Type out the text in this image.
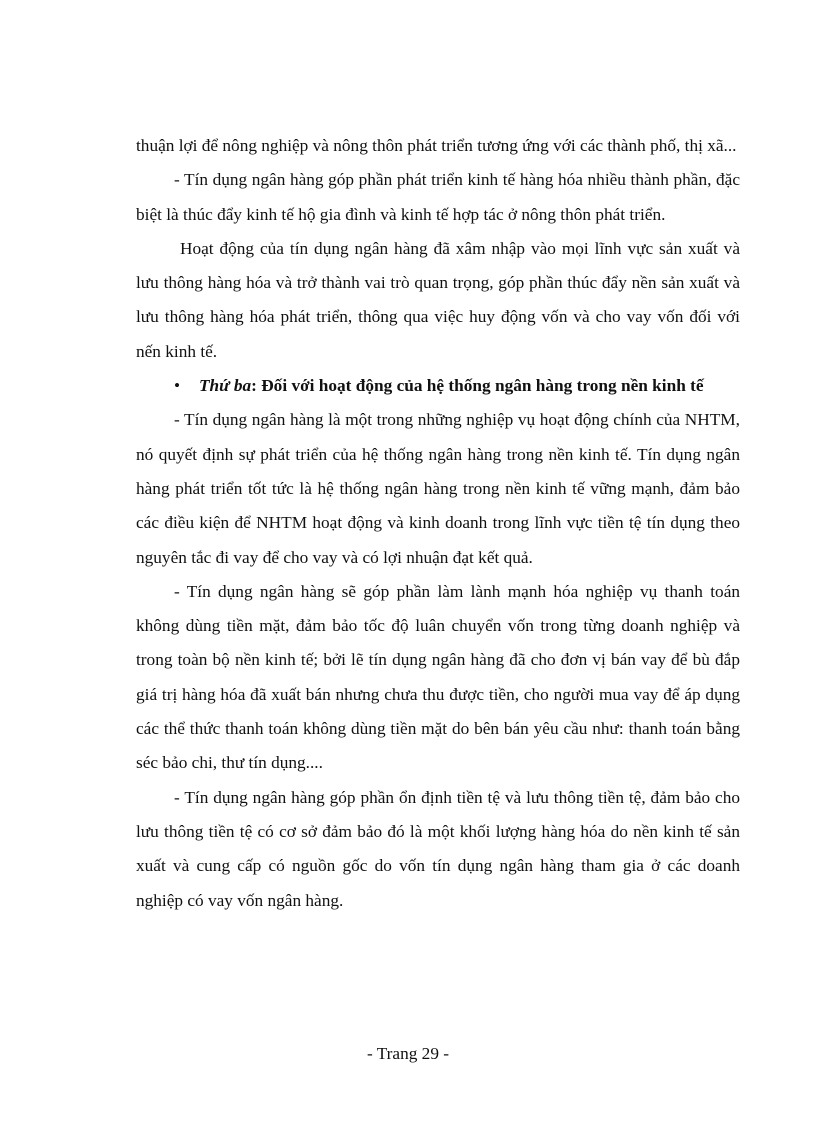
thuận lợi để nông nghiệp và nông thôn phát triển tương ứng với các thành phố, thị xã...

- Tín dụng ngân hàng góp phần phát triển kinh tế hàng hóa nhiều thành phần, đặc biệt là thúc đẩy kinh tế hộ gia đình và kinh tế hợp tác ở nông thôn phát triển.

Hoạt động của tín dụng ngân hàng đã xâm nhập vào mọi lĩnh vực sản xuất và lưu thông hàng hóa và trở thành vai trò quan trọng, góp phần thúc đẩy nền sản xuất và lưu thông hàng hóa phát triển, thông qua việc huy động vốn và cho vay vốn đối với nến kinh tế.

• Thứ ba: Đối với hoạt động của hệ thống ngân hàng trong nền kinh tế

- Tín dụng ngân hàng là một trong những nghiệp vụ hoạt động chính của NHTM, nó quyết định sự phát triển của hệ thống ngân hàng trong nền kinh tế. Tín dụng ngân hàng phát triển tốt tức là hệ thống ngân hàng trong nền kinh tế vững mạnh, đảm bảo các điều kiện để NHTM hoạt động và kinh doanh trong lĩnh vực tiền tệ tín dụng theo nguyên tắc đi vay để cho vay và có lợi nhuận đạt kết quả.

- Tín dụng ngân hàng sẽ góp phần làm lành mạnh hóa nghiệp vụ thanh toán không dùng tiền mặt, đảm bảo tốc độ luân chuyển vốn trong từng doanh nghiệp và trong toàn bộ nền kinh tế; bởi lẽ tín dụng ngân hàng đã cho đơn vị bán vay để bù đắp giá trị hàng hóa đã xuất bán nhưng chưa thu được tiền, cho người mua vay để áp dụng các thể thức thanh toán không dùng tiền mặt do bên bán yêu cầu như: thanh toán bằng séc bảo chi, thư tín dụng....

- Tín dụng ngân hàng góp phần ổn định tiền tệ và lưu thông tiền tệ, đảm bảo cho lưu thông tiền tệ có cơ sở đảm bảo đó là một khối lượng hàng hóa do nền kinh tế sản xuất và cung cấp có nguồn gốc do vốn tín dụng ngân hàng tham gia ở các doanh nghiệp có vay vốn ngân hàng.

- Trang 29 -
